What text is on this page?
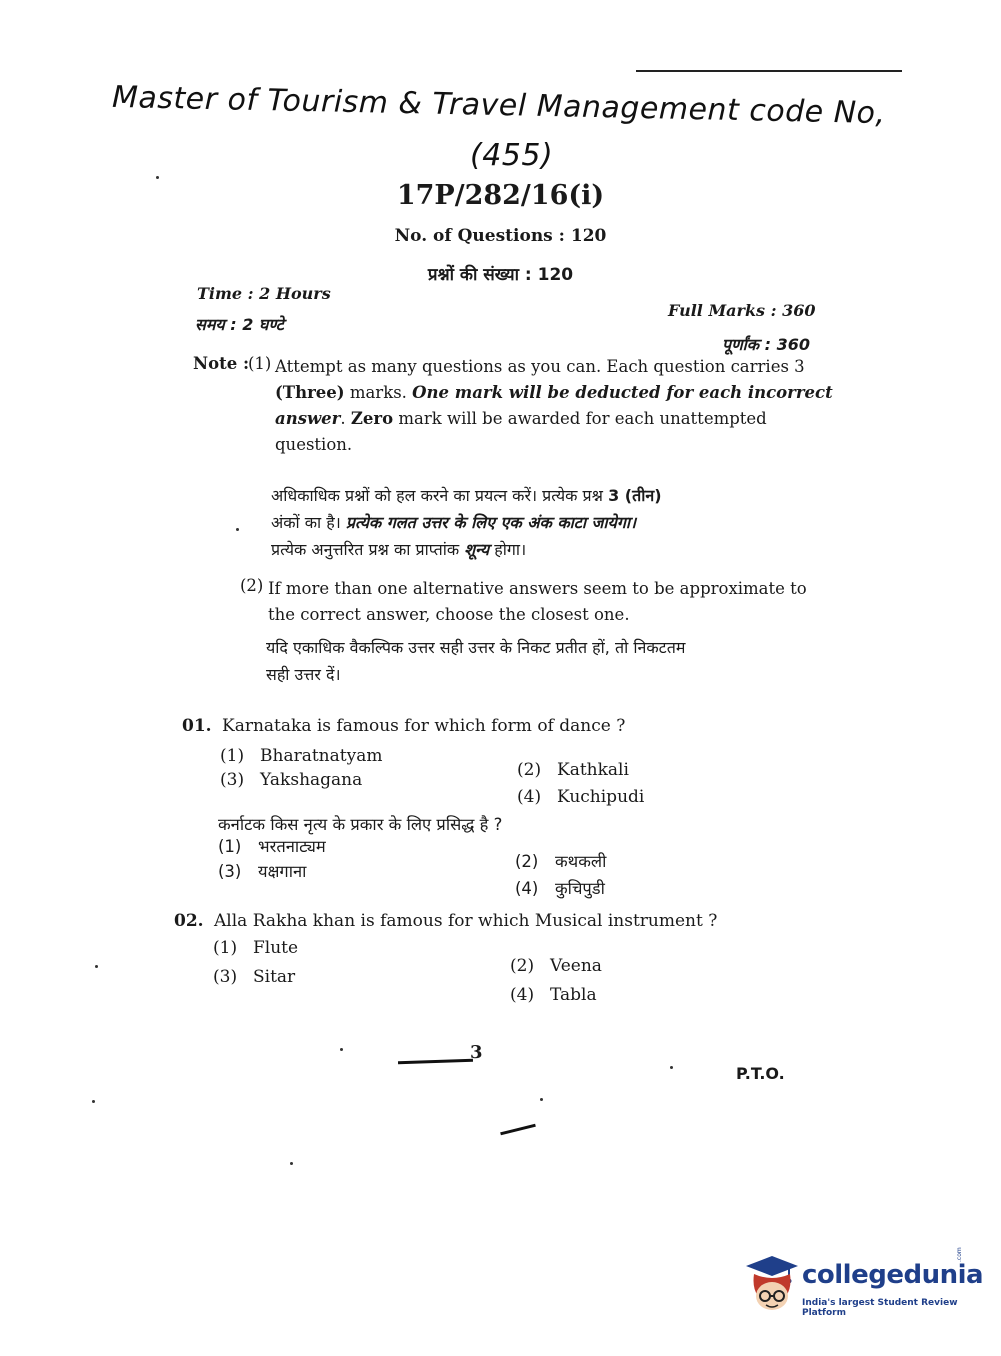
Master of Tourism & Travel Management code No,
(455)
17P/282/16(i)
No. of Questions : 120
प्रश्नों की संख्या : 120
Time : 2 Hours
समय : 2 घण्टे
Full Marks : 360
पूर्णांक : 360
Note :
(1) Attempt as many questions as you can. Each question carries 3
(Three) marks. One mark will be deducted for each incorrect
answer. Zero mark will be awarded for each unattempted
question.
अधिकाधिक प्रश्नों को हल करने का प्रयत्न करें। प्रत्येक प्रश्न 3 (तीन)
अंकों का है। प्रत्येक गलत उत्तर के लिए एक अंक काटा जायेगा।
प्रत्येक अनुत्तरित प्रश्न का प्राप्तांक शून्य होगा।
(2) If more than one alternative answers seem to be approximate to
the correct answer, choose the closest one.
यदि एकाधिक वैकल्पिक उत्तर सही उत्तर के निकट प्रतीत हों, तो निकटतम
सही उत्तर दें।
01. Karnataka is famous for which form of dance ?
(1) Bharatnatyam
(2) Kathkali
(3) Yakshagana
(4) Kuchipudi
कर्नाटक किस नृत्य के प्रकार के लिए प्रसिद्ध है ?
(1) भरतनाट्यम
(2) कथकली
(3) यक्षगाना
(4) कुचिपुडी
02. Alla Rakha khan is famous for which Musical instrument ?
(1) Flute
(2) Veena
(3) Sitar
(4) Tabla
3
P.T.O.
collegedunia
.com
India's largest Student Review Platform
